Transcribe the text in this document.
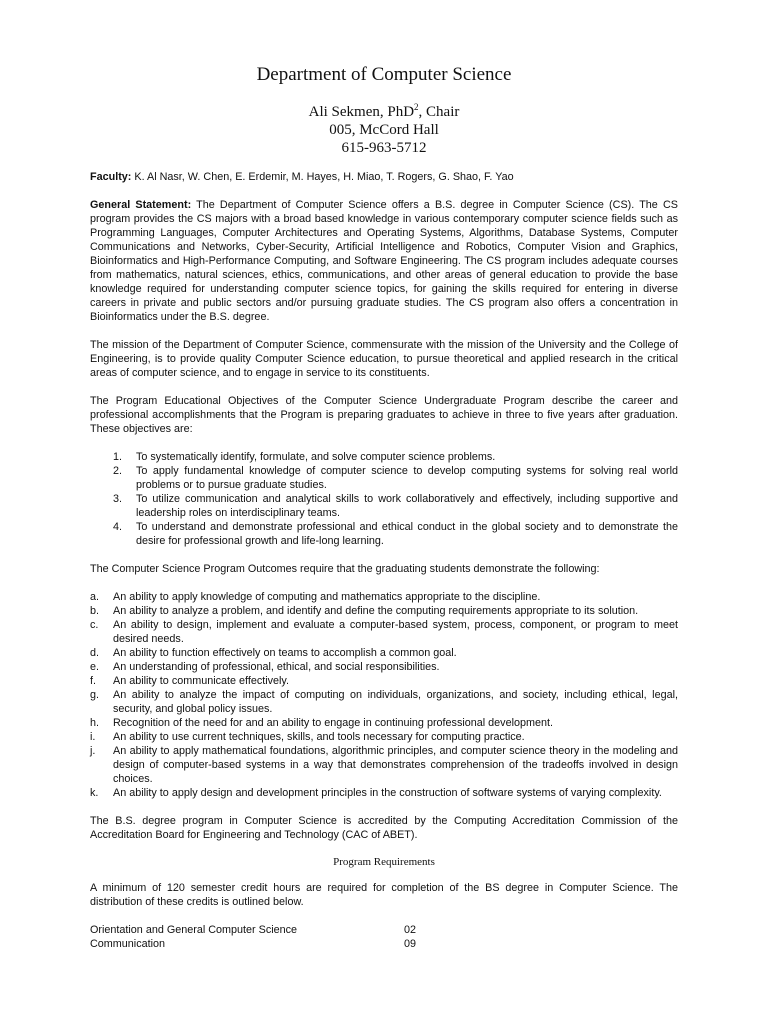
Department of Computer Science
Ali Sekmen, PhD$^2$, Chair
005, McCord Hall
615-963-5712

Faculty: K. Al Nasr, W. Chen, E. Erdemir, M. Hayes, H. Miao, T. Rogers, G. Shao, F. Yao

General Statement: The Department of Computer Science offers a B.S. degree in Computer Science (CS). The CS program provides the CS majors with a broad based knowledge in various contemporary computer science fields such as Programming Languages, Computer Architectures and Operating Systems, Algorithms, Database Systems, Computer Communications and Networks, Cyber-Security, Artificial Intelligence and Robotics, Computer Vision and Graphics, Bioinformatics and High-Performance Computing, and Software Engineering. The CS program includes adequate courses from mathematics, natural sciences, ethics, communications, and other areas of general education to provide the base knowledge required for understanding computer science topics, for gaining the skills required for entering in diverse careers in private and public sectors and/or pursuing graduate studies. The CS program also offers a concentration in Bioinformatics under the B.S. degree.

The mission of the Department of Computer Science, commensurate with the mission of the University and the College of Engineering, is to provide quality Computer Science education, to pursue theoretical and applied research in the critical areas of computer science, and to engage in service to its constituents.

The Program Educational Objectives of the Computer Science Undergraduate Program describe the career and professional accomplishments that the Program is preparing graduates to achieve in three to five years after graduation. These objectives are:

1. To systematically identify, formulate, and solve computer science problems.
2. To apply fundamental knowledge of computer science to develop computing systems for solving real world problems or to pursue graduate studies.
3. To utilize communication and analytical skills to work collaboratively and effectively, including supportive and leadership roles on interdisciplinary teams.
4. To understand and demonstrate professional and ethical conduct in the global society and to demonstrate the desire for professional growth and life-long learning.

The Computer Science Program Outcomes require that the graduating students demonstrate the following:

a. An ability to apply knowledge of computing and mathematics appropriate to the discipline.
b. An ability to analyze a problem, and identify and define the computing requirements appropriate to its solution.
c. An ability to design, implement and evaluate a computer-based system, process, component, or program to meet desired needs.
d. An ability to function effectively on teams to accomplish a common goal.
e. An understanding of professional, ethical, and social responsibilities.
f. An ability to communicate effectively.
g. An ability to analyze the impact of computing on individuals, organizations, and society, including ethical, legal, security, and global policy issues.
h. Recognition of the need for and an ability to engage in continuing professional development.
i. An ability to use current techniques, skills, and tools necessary for computing practice.
j. An ability to apply mathematical foundations, algorithmic principles, and computer science theory in the modeling and design of computer-based systems in a way that demonstrates comprehension of the tradeoffs involved in design choices.
k. An ability to apply design and development principles in the construction of software systems of varying complexity.

The B.S. degree program in Computer Science is accredited by the Computing Accreditation Commission of the Accreditation Board for Engineering and Technology (CAC of ABET).

Program Requirements

A minimum of 120 semester credit hours are required for completion of the BS degree in Computer Science. The distribution of these credits is outlined below.

Orientation and General Computer Science	02
Communication	09
